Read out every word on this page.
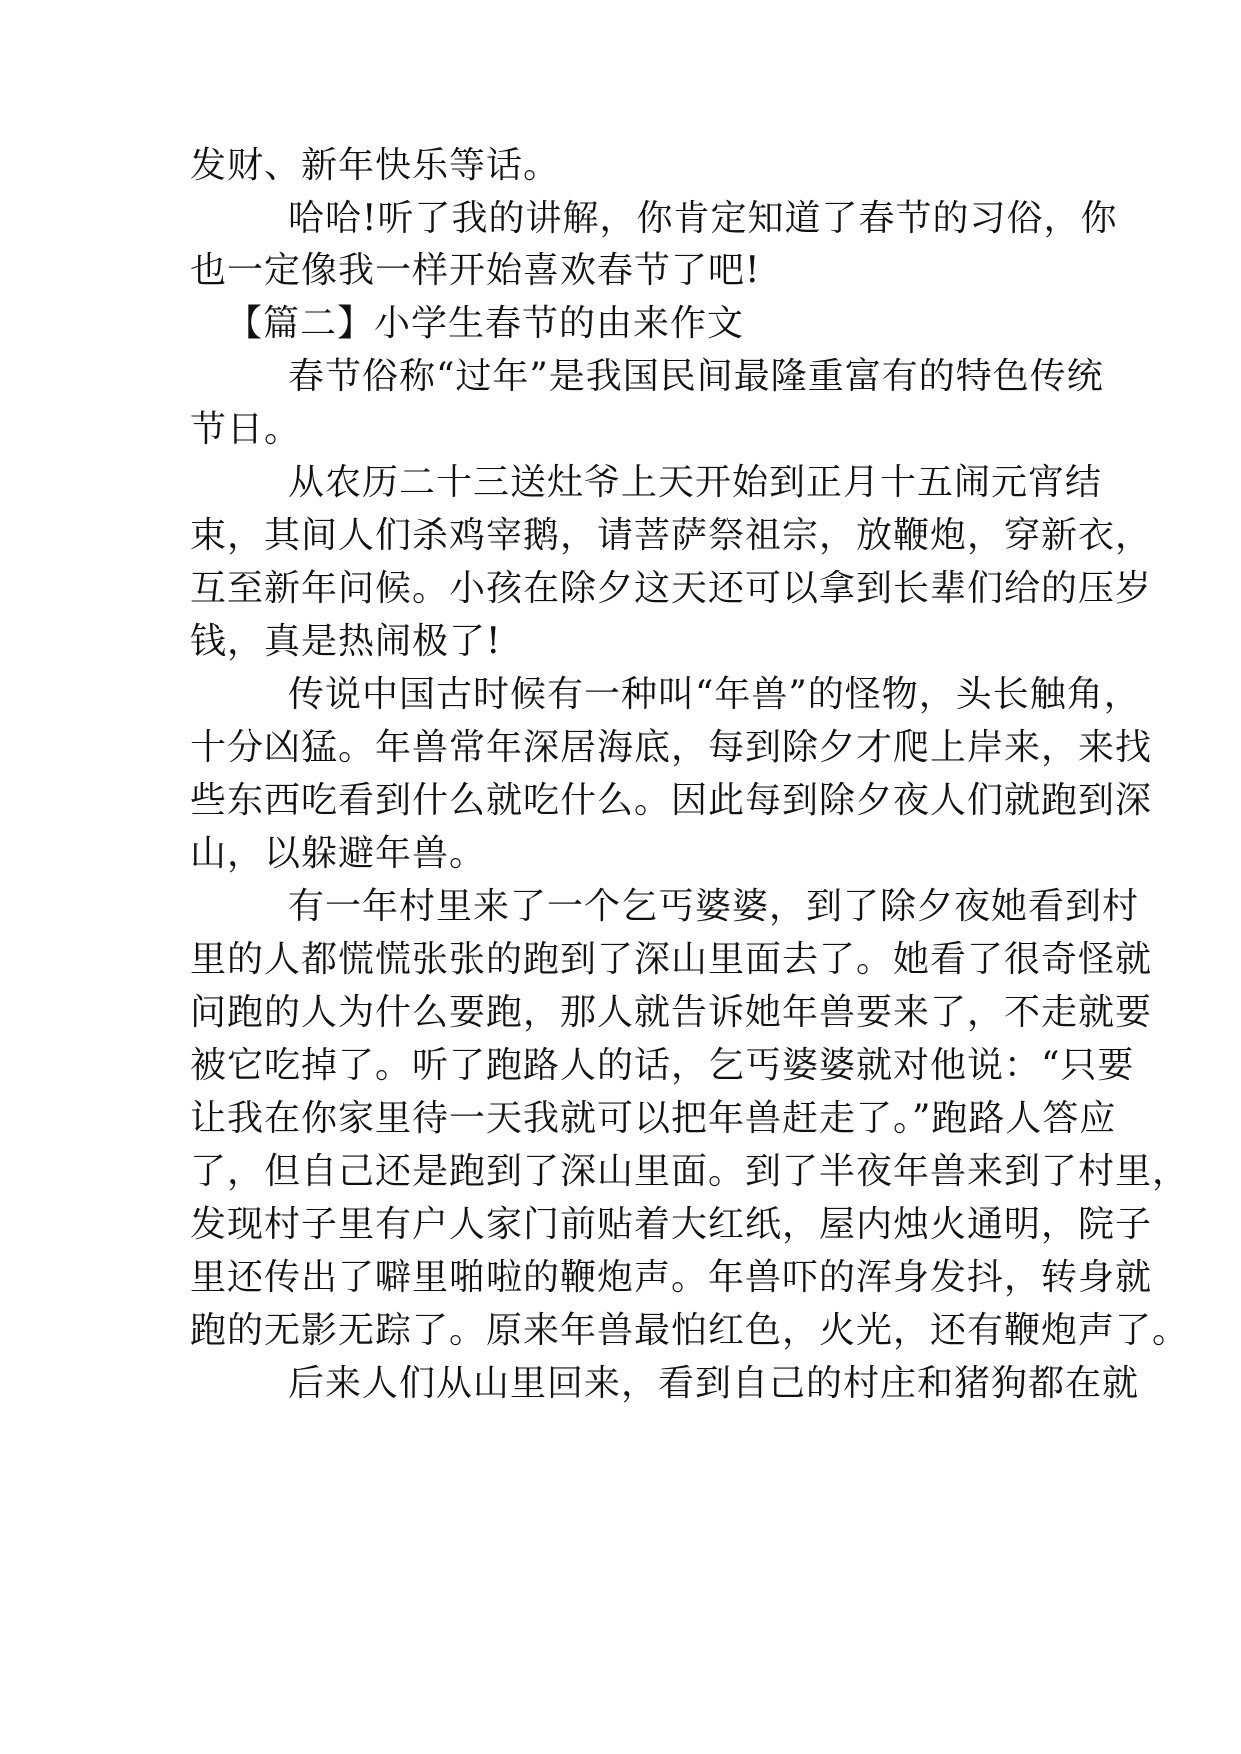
发财、新年快乐等话。
哈哈!听了我的讲解，你肯定知道了春节的习俗，你
也一定像我一样开始喜欢春节了吧!
【篇二】小学生春节的由来作文
春节俗称“过年”是我国民间最隆重富有的特色传统
节日。
从农历二十三送灶爷上天开始到正月十五闹元宵结
束，其间人们杀鸡宰鹅，请菩萨祭祖宗，放鞭炮，穿新衣，
互至新年问候。小孩在除夕这天还可以拿到长辈们给的压岁
钱，真是热闹极了!
传说中国古时候有一种叫“年兽”的怪物，头长触角，
十分凶猛。年兽常年深居海底，每到除夕才爬上岸来，来找
些东西吃看到什么就吃什么。因此每到除夕夜人们就跑到深
山，以躲避年兽。
有一年村里来了一个乞丐婆婆，到了除夕夜她看到村
里的人都慌慌张张的跑到了深山里面去了。她看了很奇怪就
问跑的人为什么要跑，那人就告诉她年兽要来了，不走就要
被它吃掉了。听了跑路人的话，乞丐婆婆就对他说：“只要
让我在你家里待一天我就可以把年兽赶走了。”跑路人答应
了，但自己还是跑到了深山里面。到了半夜年兽来到了村里，
发现村子里有户人家门前贴着大红纸，屋内烛火通明，院子
里还传出了噼里啪啦的鞭炮声。年兽吓的浑身发抖，转身就
跑的无影无踪了。原来年兽最怕红色，火光，还有鞭炮声了。
后来人们从山里回来，看到自己的村庄和猪狗都在就
